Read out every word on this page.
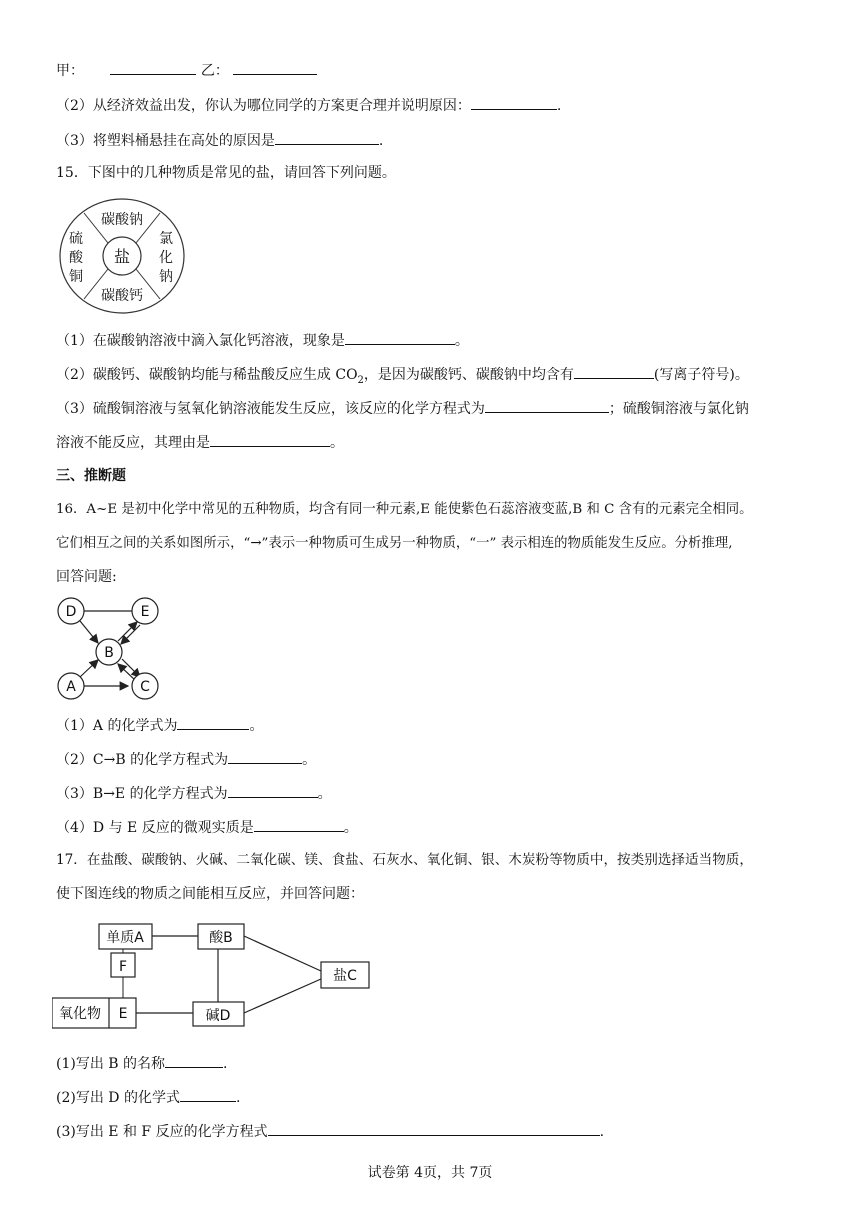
甲：	乙：
（2）从经济效益出发，你认为哪位同学的方案更合理并说明原因：	.
（3）将塑料桶悬挂在高处的原因是	.
15．下图中的几种物质是常见的盐，请回答下列问题。
盐
碳酸钠
碳酸钙
硫
酸
铜
氯
化
钠
（1）在碳酸钠溶液中滴入氯化钙溶液，现象是	。
（2）碳酸钙、碳酸钠均能与稀盐酸反应生成 $CO_2$，是因为碳酸钙、碳酸钠中均含有	(写离子符号)。
（3）硫酸铜溶液与氢氧化钠溶液能发生反应，该反应的化学方程式为	；硫酸铜溶液与氯化钠
溶液不能反应，其理由是	。
三、推断题
16．A~E 是初中化学中常见的五种物质，均含有同一种元素,E 能使紫色石蕊溶液变蓝,B 和 C 含有的元素完全相同。
它们相互之间的关系如图所示，“→”表示一种物质可生成另一种物质，“一” 表示相连的物质能发生反应。分析推理,
回答问题:
D	E
B
A	C
（1）A 的化学式为	。
（2）C→B 的化学方程式为	。
（3）B→E 的化学方程式为	。
（4）D 与 E 反应的微观实质是	。
17．在盐酸、碳酸钠、火碱、二氧化碳、镁、食盐、石灰水、氧化铜、银、木炭粉等物质中，按类别选择适当物质，
使下图连线的物质之间能相互反应，并回答问题：
单质A	酸B
F
盐C
氧化物 E	碱D
(1)写出 B 的名称	.
(2)写出 D 的化学式	.
(3)写出 E 和 F 反应的化学方程式	.
试卷第 4页，共 7页
